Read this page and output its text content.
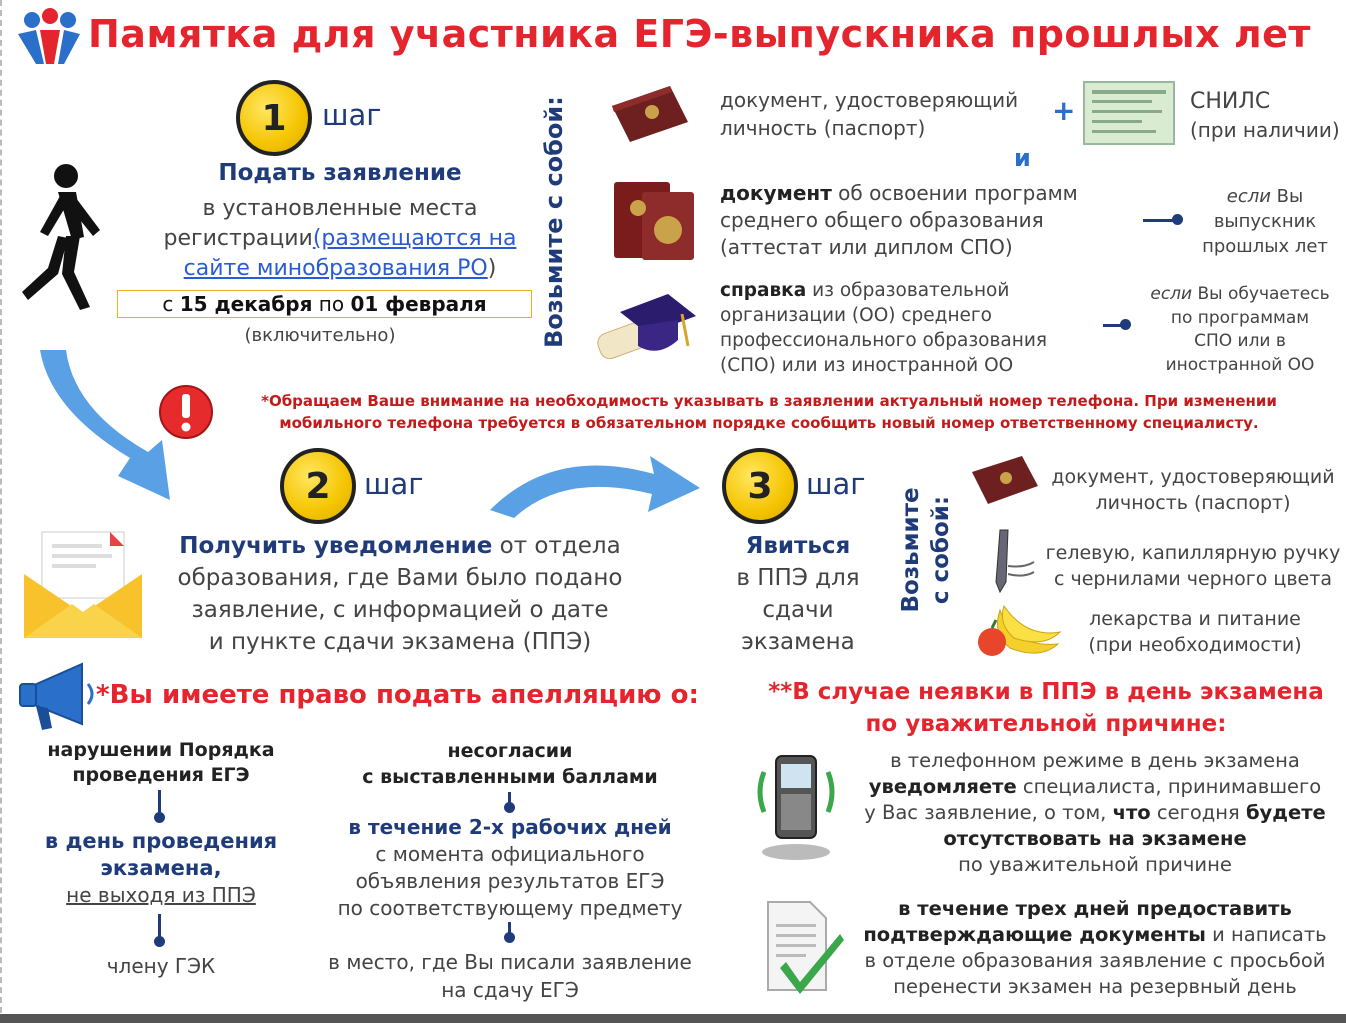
Памятка для участника ЕГЭ-выпускника прошлых лет
1	шаг
Подать заявление
в установленные места
регистрации(размещаются на
сайте минобразования РО)
с 15 декабря по 01 февраля
(включительно)	Возьмите с собой:	документ, удостоверяющий
личность (паспорт)
+	СНИЛС
(при наличии)
и
документ об освоении программ
среднего общего образования
(аттестат или диплом СПО)
если Вы
выпускник
прошлых лет
справка из образовательной
организации (ОО) среднего
профессионального образования
(СПО) или из иностранной ОО
если Вы обучаетесь
по программам
СПО или в
иностранной ОО
*Обращаем Ваше внимание на необходимость указывать в заявлении актуальный номер телефона. При изменении
мобильного телефона требуется в обязательном порядке сообщить новый номер ответственному специалисту.
2	шаг
Получить уведомление от отдела
образования, где Вами было подано
заявление, с информацией о дате
и пункте сдачи экзамена (ППЭ)
3	шаг
Явиться
в ППЭ для
сдачи
экзамена
Возьмите с собой:
документ, удостоверяющий
личность (паспорт)
гелевую, капиллярную ручку
с чернилами черного цвета
лекарства и питание
(при необходимости)
*Вы имеете право подать апелляцию о:
нарушении Порядка
проведения ЕГЭ
в день проведения
экзамена,
не выходя из ППЭ
члену ГЭК
несогласии
с выставленными баллами
в течение 2-х рабочих дней
с момента официального
объявления результатов ЕГЭ
по соответствующему предмету
в место, где Вы писали заявление
на сдачу ЕГЭ
**В случае неявки в ППЭ в день экзамена
по уважительной причине:
в телефонном режиме в день экзамена
уведомляете специалиста, принимавшего
у Вас заявление, о том, что сегодня будете
отсутствовать на экзамене
по уважительной причине
в течение трех дней предоставить
подтверждающие документы и написать
в отделе образования заявление с просьбой
перенести экзамен на резервный день
